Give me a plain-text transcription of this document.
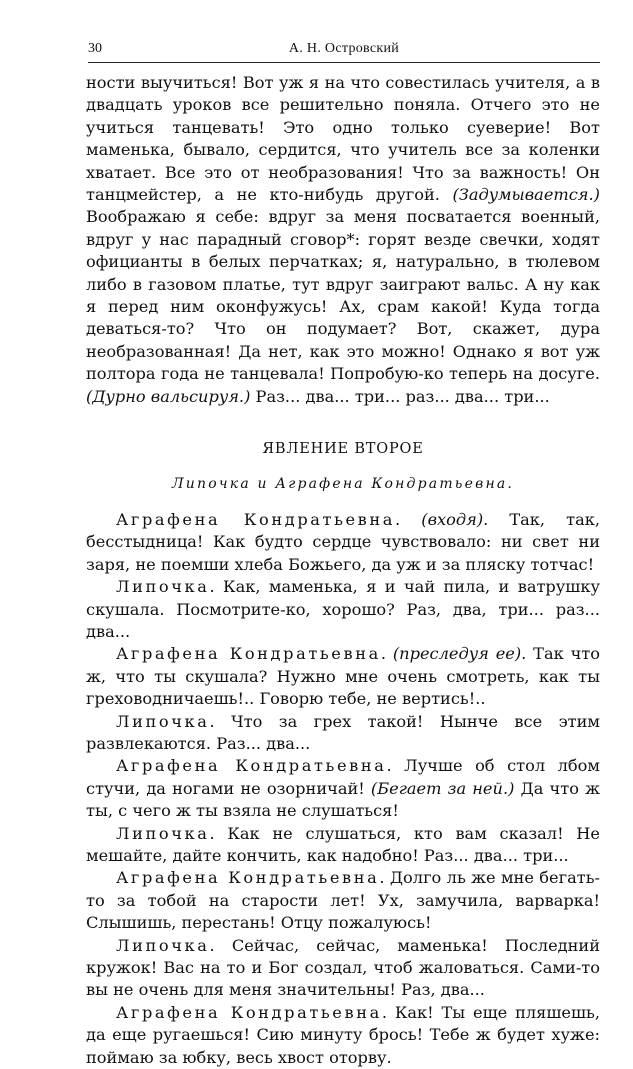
30	А. Н. Островский

ности выучиться! Вот уж я на что совестилась учителя, а в двадцать уроков все решительно поняла. Отчего это не учиться танцевать! Это одно только суеверие! Вот маменька, бывало, сердится, что учитель все за коленки хватает. Все это от необразования! Что за важность! Он танцмейстер, а не кто-нибудь другой. (Задумывается.) Воображаю я себе: вдруг за меня посватается военный, вдруг у нас парадный сговор*: горят везде свечки, ходят официанты в белых перчатках; я, натурально, в тюлевом либо в газовом платье, тут вдруг заиграют вальс. А ну как я перед ним оконфужусь! Ах, срам какой! Куда тогда деваться-то? Что он подумает? Вот, скажет, дура необразованная! Да нет, как это можно! Однако я вот уж полтора года не танцевала! Попробую-ко теперь на досуге. (Дурно вальсируя.) Раз... два... три... раз... два... три...

ЯВЛЕНИЕ ВТОРОЕ
Липочка и Аграфена Кондратьевна.

Аграфена Кондратьевна. (входя). Так, так, бесстыдница! Как будто сердце чувствовало: ни свет ни заря, не поемши хлеба Божьего, да уж и за пляску тотчас!

Липочка. Как, маменька, я и чай пила, и ватрушку скушала. Посмотрите-ко, хорошо? Раз, два, три... раз... два...

Аграфена Кондратьевна. (преследуя ее). Так что ж, что ты скушала? Нужно мне очень смотреть, как ты греховодничаешь!.. Говорю тебе, не вертись!..

Липочка. Что за грех такой! Нынче все этим развлекаются. Раз... два...

Аграфена Кондратьевна. Лучше об стол лбом стучи, да ногами не озорничай! (Бегает за ней.) Да что ж ты, с чего ж ты взяла не слушаться!

Липочка. Как не слушаться, кто вам сказал! Не мешайте, дайте кончить, как надобно! Раз... два... три...

Аграфена Кондратьевна. Долго ль же мне бегать-то за тобой на старости лет! Ух, замучила, варварка! Слышишь, перестань! Отцу пожалуюсь!

Липочка. Сейчас, сейчас, маменька! Последний кружок! Вас на то и Бог создал, чтоб жаловаться. Сами-то вы не очень для меня значительны! Раз, два...

Аграфена Кондратьевна. Как! Ты еще пляшешь, да еще ругаешься! Сию минуту брось! Тебе ж будет хуже: поймаю за юбку, весь хвост оторву.
